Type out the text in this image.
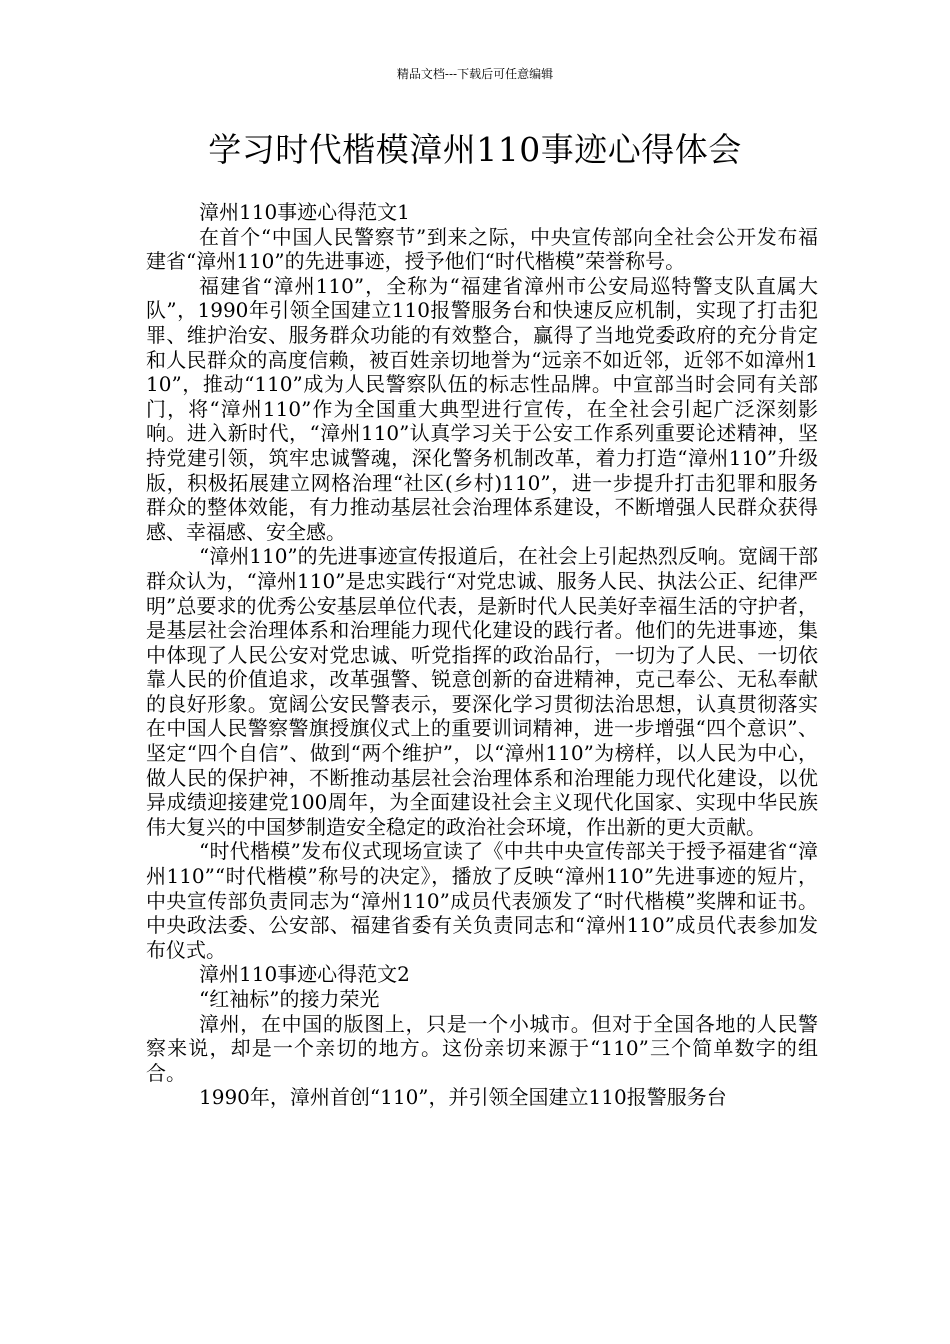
精品文档---下载后可任意编辑
学习时代楷模漳州110事迹心得体会

漳州110事迹心得范文1

在首个“中国人民警察节”到来之际，中央宣传部向全社会公开发布福建省“漳州110”的先进事迹，授予他们“时代楷模”荣誉称号。

福建省“漳州110”，全称为“福建省漳州市公安局巡特警支队直属大队”，1990年引领全国建立110报警服务台和快速反应机制，实现了打击犯罪、维护治安、服务群众功能的有效整合，赢得了当地党委政府的充分肯定和人民群众的高度信赖，被百姓亲切地誉为“远亲不如近邻，近邻不如漳州110”，推动“110”成为人民警察队伍的标志性品牌。中宣部当时会同有关部门，将“漳州110”作为全国重大典型进行宣传，在全社会引起广泛深刻影响。进入新时代，“漳州110”认真学习关于公安工作系列重要论述精神，坚持党建引领，筑牢忠诚警魂，深化警务机制改革，着力打造“漳州110”升级版，积极拓展建立网格治理“社区(乡村)110”，进一步提升打击犯罪和服务群众的整体效能，有力推动基层社会治理体系建设，不断增强人民群众获得感、幸福感、安全感。

“漳州110”的先进事迹宣传报道后，在社会上引起热烈反响。宽阔干部群众认为，“漳州110”是忠实践行“对党忠诚、服务人民、执法公正、纪律严明”总要求的优秀公安基层单位代表，是新时代人民美好幸福生活的守护者，是基层社会治理体系和治理能力现代化建设的践行者。他们的先进事迹，集中体现了人民公安对党忠诚、听党指挥的政治品行，一切为了人民、一切依靠人民的价值追求，改革强警、锐意创新的奋进精神，克己奉公、无私奉献的良好形象。宽阔公安民警表示，要深化学习贯彻法治思想，认真贯彻落实在中国人民警察警旗授旗仪式上的重要训词精神，进一步增强“四个意识”、坚定“四个自信”、做到“两个维护”，以“漳州110”为榜样，以人民为中心，做人民的保护神，不断推动基层社会治理体系和治理能力现代化建设，以优异成绩迎接建党100周年，为全面建设社会主义现代化国家、实现中华民族伟大复兴的中国梦制造安全稳定的政治社会环境，作出新的更大贡献。

“时代楷模”发布仪式现场宣读了《中共中央宣传部关于授予福建省“漳州110”“时代楷模”称号的决定》，播放了反映“漳州110”先进事迹的短片，中央宣传部负责同志为“漳州110”成员代表颁发了“时代楷模”奖牌和证书。中央政法委、公安部、福建省委有关负责同志和“漳州110”成员代表参加发布仪式。

漳州110事迹心得范文2

“红袖标”的接力荣光

漳州，在中国的版图上，只是一个小城市。但对于全国各地的人民警察来说，却是一个亲切的地方。这份亲切来源于“110”三个简单数字的组合。

1990年，漳州首创“110”，并引领全国建立110报警服务台
